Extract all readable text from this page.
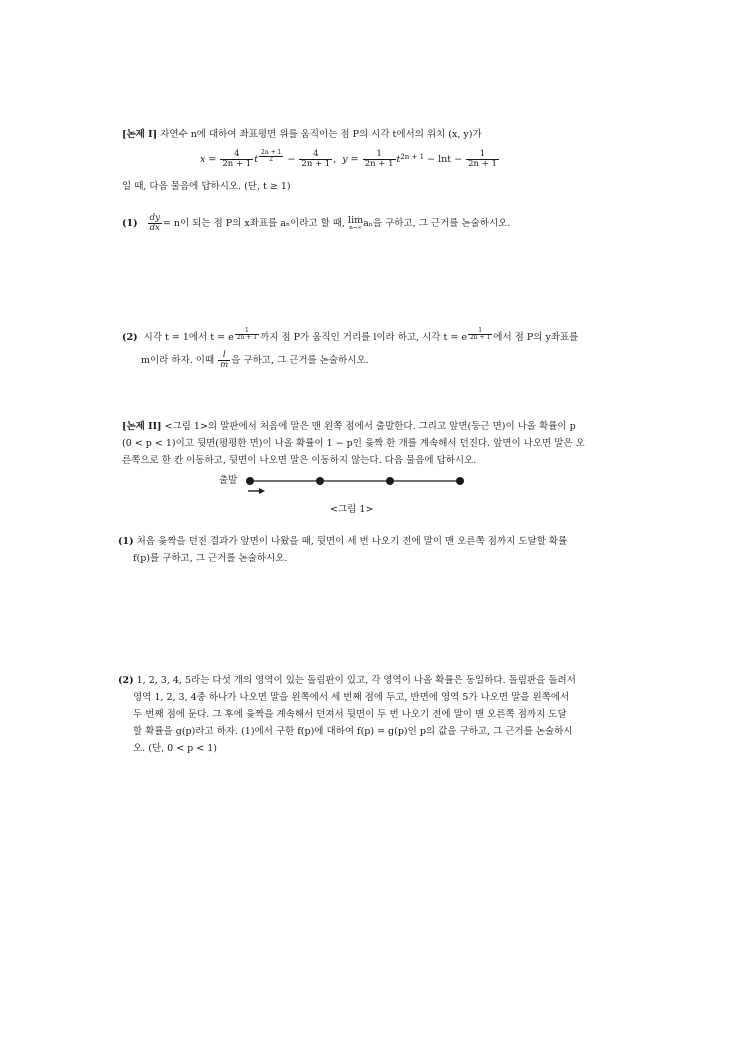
[논제 I] 자연수 n에 대하여 좌표평면 위를 움직이는 점 P의 시각 t에서의 위치 (x, y)가
$x = \frac{4}{2n + 1}$ t $^{\frac{2n + 1}{2}} - \frac{4}{2n + 1}$ ,  $y = \frac{1}{2n + 1} t^{2n + 1} - \ln t - \frac{1}{2n + 1}$
일 때, 다음 물음에 답하시오. (단, t ≥ 1)
$(1) \frac{dy}{dx} = n$이 되는 점 P의 x좌표를 aₙ이라고 할 때, lim
n→∞ aₙ을 구하고, 그 근거를 논술하시오.
(2) 시각 t = 1에서 t = e $^{\frac{1}{2n + 1}}$ 까지 점 P가 움직인 거리를 l이라 하고, 시각 t = e $^{\frac{1}{2n + 1}}$ 에서 점 P의 y좌표를
m이라 하자. 이때 $\frac{l}{m}$ 을 구하고, 그 근거를 논술하시오.
[논제 II] <그림 1>의 말판에서 처음에 말은 맨 왼쪽 점에서 출발한다. 그리고 앞면(둥근 면)이 나올 확률이 p
(0 < p < 1)이고 뒷면(평평한 면)이 나올 확률이 1 − p인 윷짝 한 개를 계속해서 던진다. 앞면이 나오면 말은 오
른쪽으로 한 칸 이동하고, 뒷면이 나오면 말은 이동하지 않는다. 다음 물음에 답하시오.
출발
<그림 1>
(1) 처음 윷짝을 던진 결과가 앞면이 나왔을 때, 뒷면이 세 번 나오기 전에 말이 맨 오른쪽 점까지 도달할 확률
f(p)를 구하고, 그 근거를 논술하시오.
(2) 1, 2, 3, 4, 5라는 다섯 개의 영역이 있는 돌림판이 있고, 각 영역이 나올 확률은 동일하다. 돌림판을 돌려서
영역 1, 2, 3, 4중 하나가 나오면 말을 왼쪽에서 세 번째 점에 두고, 반면에 영역 5가 나오면 말을 왼쪽에서
두 번째 점에 둔다. 그 후에 윷짝을 계속해서 던져서 뒷면이 두 번 나오기 전에 말이 맨 오른쪽 점까지 도달
할 확률을 g(p)라고 하자. (1)에서 구한 f(p)에 대하여 f(p) = g(p)인 p의 값을 구하고, 그 근거를 논술하시
오. (단, 0 < p < 1)
